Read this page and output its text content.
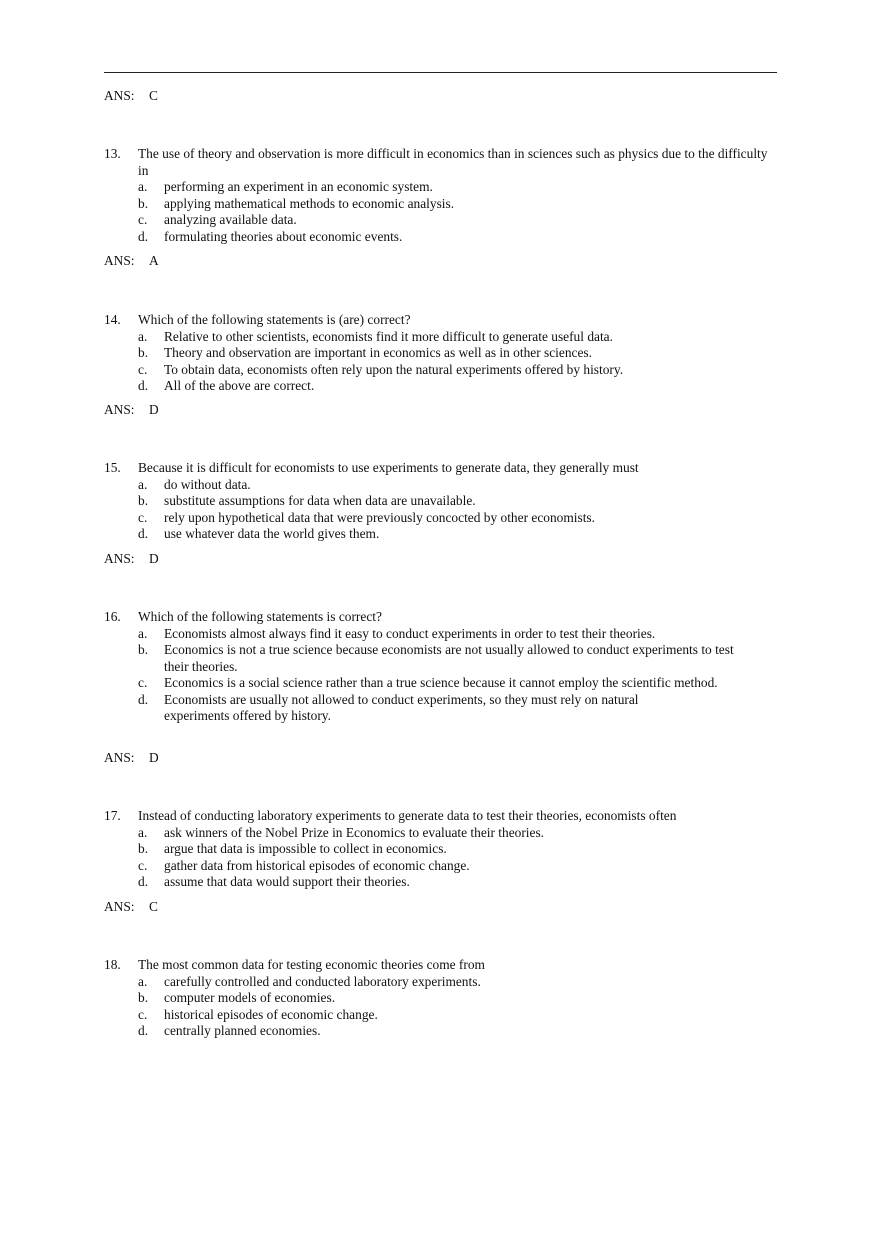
ANS: C
13. The use of theory and observation is more difficult in economics than in sciences such as physics due to the difficulty in
a. performing an experiment in an economic system.
b. applying mathematical methods to economic analysis.
c. analyzing available data.
d. formulating theories about economic events.
ANS: A
14. Which of the following statements is (are) correct?
a. Relative to other scientists, economists find it more difficult to generate useful data.
b. Theory and observation are important in economics as well as in other sciences.
c. To obtain data, economists often rely upon the natural experiments offered by history.
d. All of the above are correct.
ANS: D
15. Because it is difficult for economists to use experiments to generate data, they generally must
a. do without data.
b. substitute assumptions for data when data are unavailable.
c. rely upon hypothetical data that were previously concocted by other economists.
d. use whatever data the world gives them.
ANS: D
16. Which of the following statements is correct?
a. Economists almost always find it easy to conduct experiments in order to test their theories.
b. Economics is not a true science because economists are not usually allowed to conduct experiments to test their theories.
c. Economics is a social science rather than a true science because it cannot employ the scientific method.
d. Economists are usually not allowed to conduct experiments, so they must rely on natural experiments offered by history.
ANS: D
17. Instead of conducting laboratory experiments to generate data to test their theories, economists often
a. ask winners of the Nobel Prize in Economics to evaluate their theories.
b. argue that data is impossible to collect in economics.
c. gather data from historical episodes of economic change.
d. assume that data would support their theories.
ANS: C
18. The most common data for testing economic theories come from
a. carefully controlled and conducted laboratory experiments.
b. computer models of economies.
c. historical episodes of economic change.
d. centrally planned economies.
